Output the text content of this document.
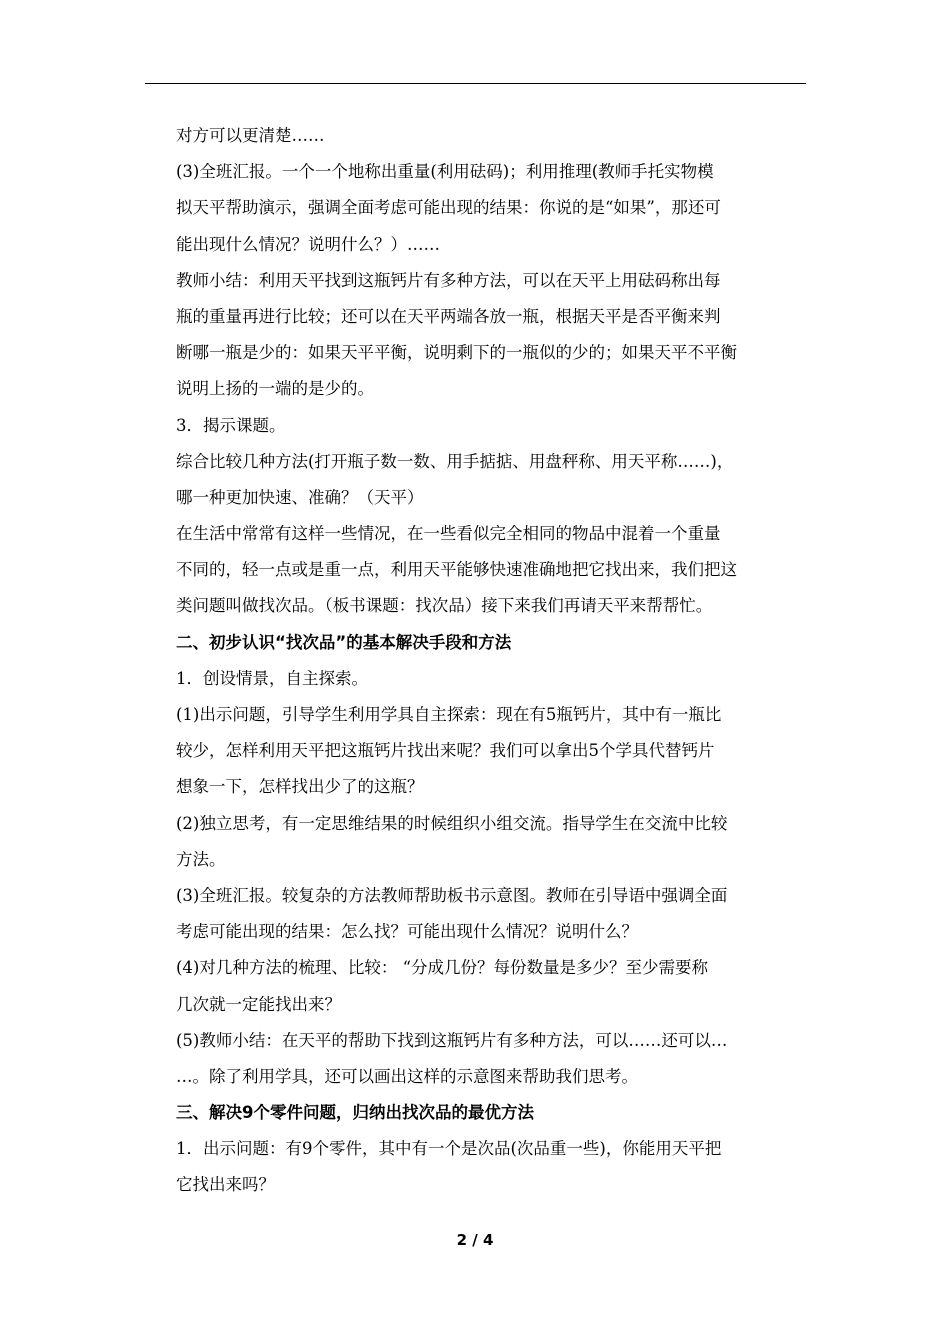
对方可以更清楚……
(3)全班汇报。一个一个地称出重量(利用砝码)；利用推理(教师手托实物模
拟天平帮助演示，强调全面考虑可能出现的结果：你说的是“如果”，那还可
能出现什么情况？说明什么？）……
教师小结：利用天平找到这瓶钙片有多种方法，可以在天平上用砝码称出每
瓶的重量再进行比较；还可以在天平两端各放一瓶，根据天平是否平衡来判
断哪一瓶是少的：如果天平平衡，说明剩下的一瓶似的少的；如果天平不平衡
说明上扬的一端的是少的。
3．揭示课题。
综合比较几种方法(打开瓶子数一数、用手掂掂、用盘秤称、用天平称……)，
哪一种更加快速、准确？（天平）
在生活中常常有这样一些情况，在一些看似完全相同的物品中混着一个重量
不同的，轻一点或是重一点，利用天平能够快速准确地把它找出来，我们把这
类问题叫做找次品。（板书课题：找次品）接下来我们再请天平来帮帮忙。
二、初步认识“找次品”的基本解决手段和方法
1．创设情景，自主探索。
(1)出示问题，引导学生利用学具自主探索：现在有5瓶钙片，其中有一瓶比
较少，怎样利用天平把这瓶钙片找出来呢？我们可以拿出5个学具代替钙片
想象一下，怎样找出少了的这瓶？
(2)独立思考，有一定思维结果的时候组织小组交流。指导学生在交流中比较
方法。
(3)全班汇报。较复杂的方法教师帮助板书示意图。教师在引导语中强调全面
考虑可能出现的结果：怎么找？可能出现什么情况？说明什么？
(4)对几种方法的梳理、比较： “分成几份？每份数量是多少？至少需要称
几次就一定能找出来？
(5)教师小结：在天平的帮助下找到这瓶钙片有多种方法，可以……还可以…
…。除了利用学具，还可以画出这样的示意图来帮助我们思考。
三、解决9个零件问题，归纳出找次品的最优方法
1．出示问题：有9个零件，其中有一个是次品(次品重一些)，你能用天平把
它找出来吗？
2 / 4
